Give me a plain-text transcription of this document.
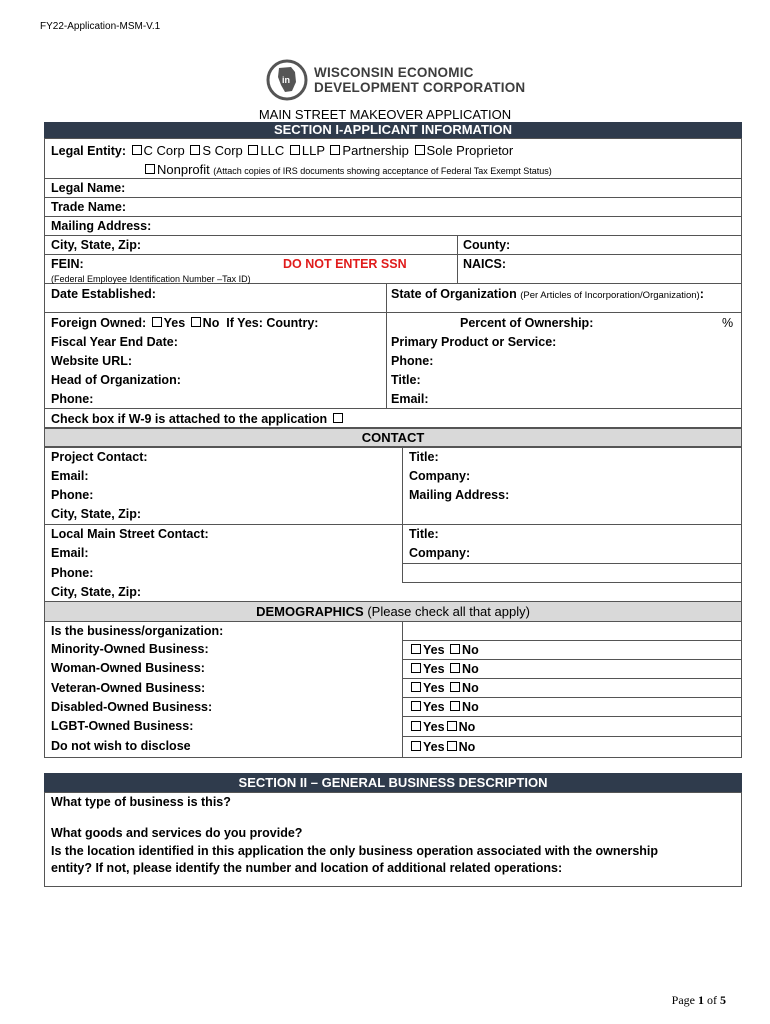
FY22-Application-MSM-V.1
in WISCONSIN ECONOMIC
DEVELOPMENT CORPORATION
MAIN STREET MAKEOVER APPLICATION
SECTION I-APPLICANT INFORMATION
Legal Entity: C Corp S Corp LLC LLP Partnership Sole Proprietor
Nonprofit (Attach copies of IRS documents showing acceptance of Federal Tax Exempt Status)
Legal Name:
Trade Name:
Mailing Address:
City, State, Zip:	County:
FEIN:	DO NOT ENTER SSN	NAICS:
(Federal Employee Identification Number –Tax ID)
Date Established:	State of Organization (Per Articles of Incorporation/Organization):
Foreign Owned: Yes No If Yes: Country:	Percent of Ownership:	%
Fiscal Year End Date:	Primary Product or Service:
Website URL:	Phone:
Head of Organization:	Title:
Phone:	Email:
Check box if W-9 is attached to the application
CONTACT
Project Contact:	Title:
Email:	Company:
Phone:	Mailing Address:
City, State, Zip:
Local Main Street Contact:	Title:
Email:	Company:
Phone:
City, State, Zip:
DEMOGRAPHICS (Please check all that apply)
Is the business/organization:
Minority-Owned Business:	Yes No
Woman-Owned Business:	Yes No
Veteran-Owned Business:	Yes No
Disabled-Owned Business:	Yes No
LGBT-Owned Business:	Yes No
Do not wish to disclose	Yes No
SECTION II – GENERAL BUSINESS DESCRIPTION
What type of business is this?
What goods and services do you provide?
Is the location identified in this application the only business operation associated with the ownership
entity? If not, please identify the number and location of additional related operations:
Page 1 of 5
